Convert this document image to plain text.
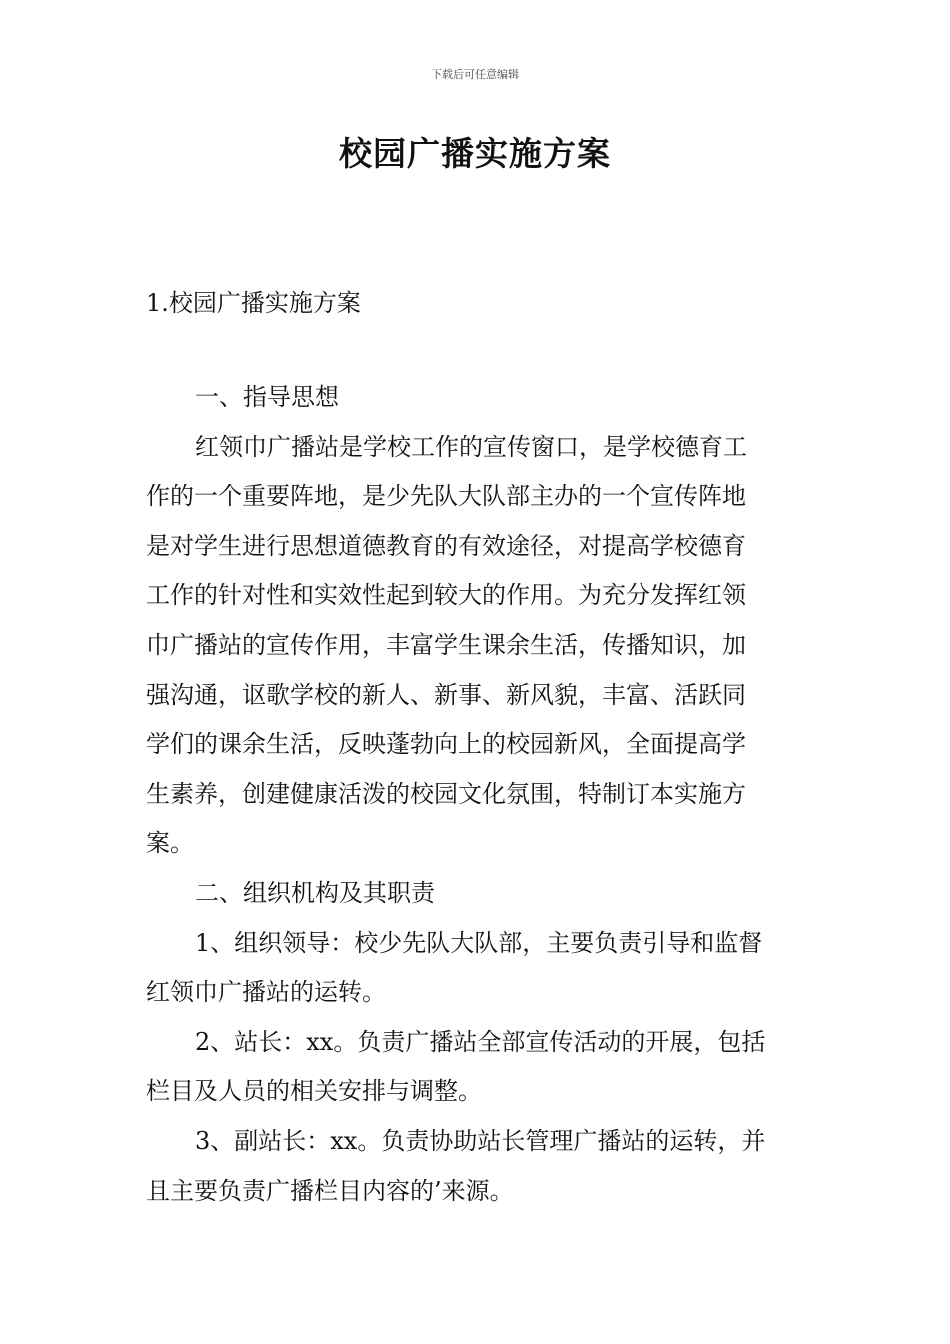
下载后可任意编辑
校园广播实施方案
1.校园广播实施方案

一、指导思想

红领巾广播站是学校工作的宣传窗口，是学校德育工
作的一个重要阵地，是少先队大队部主办的一个宣传阵地
是对学生进行思想道德教育的有效途径，对提高学校德育
工作的针对性和实效性起到较大的作用。为充分发挥红领
巾广播站的宣传作用，丰富学生课余生活，传播知识，加
强沟通，讴歌学校的新人、新事、新风貌，丰富、活跃同
学们的课余生活，反映蓬勃向上的校园新风，全面提高学
生素养，创建健康活泼的校园文化氛围，特制订本实施方
案。

二、组织机构及其职责

1、组织领导：校少先队大队部，主要负责引导和监督
红领巾广播站的运转。

2、站长：xx。负责广播站全部宣传活动的开展，包括
栏目及人员的相关安排与调整。

3、副站长：xx。负责协助站长管理广播站的运转，并
且主要负责广播栏目内容的’来源。
